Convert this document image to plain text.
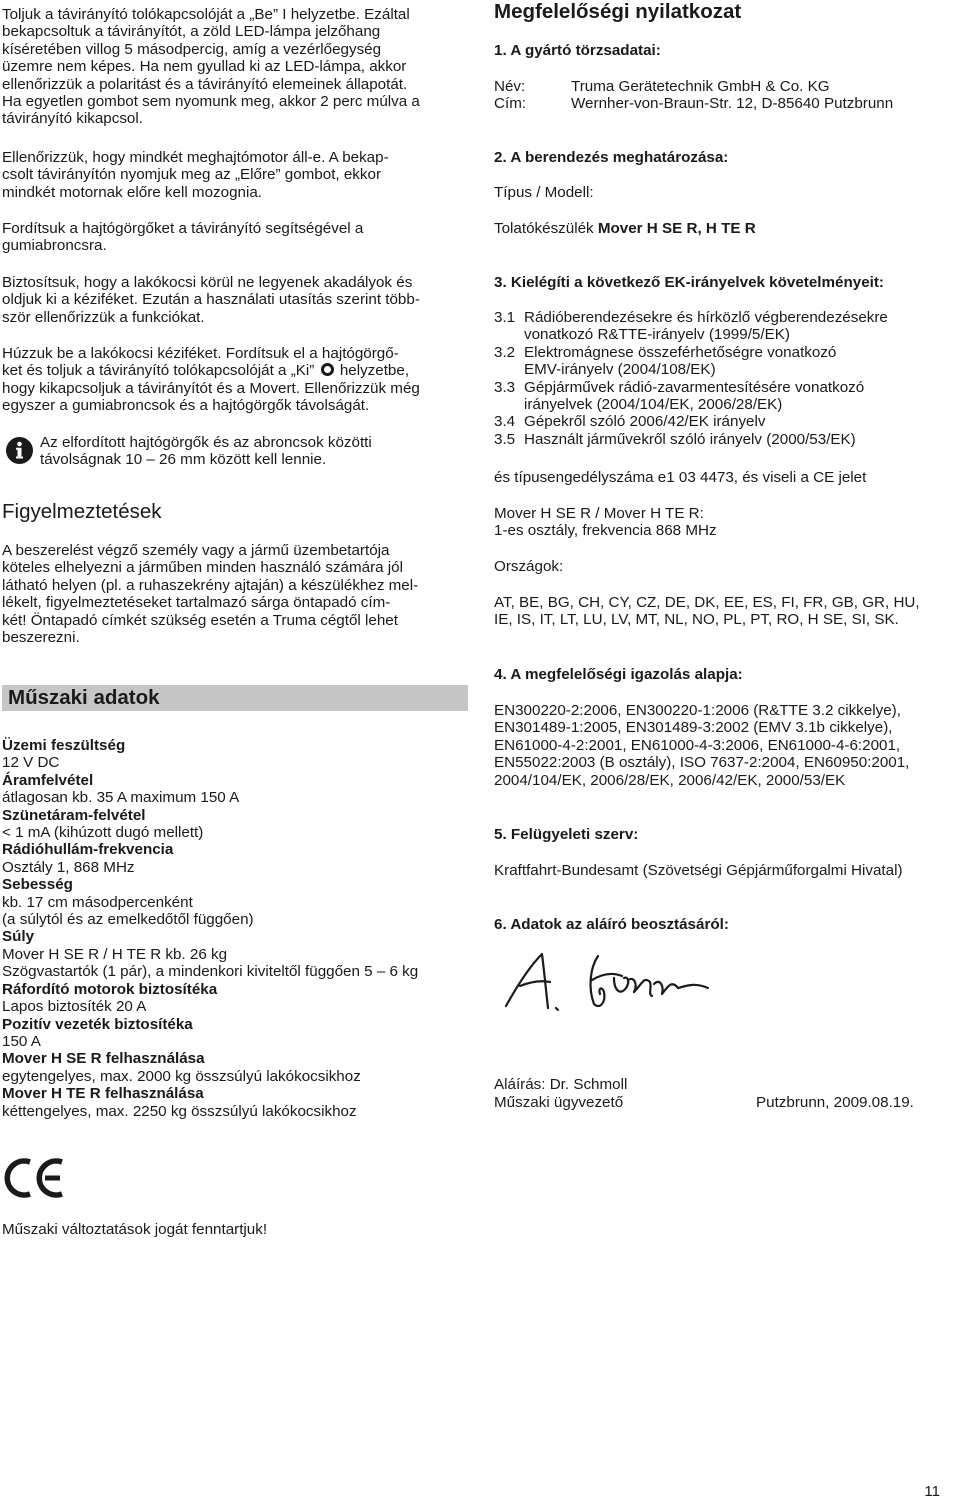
Toljuk a távirányító tolókapcsolóját a „Be” I helyzetbe. Ezáltal

bekapcsoltuk a távirányítót, a zöld LED-lámpa jelzőhang

kíséretében villog 5 másodpercig, amíg a vezérlőegység

üzemre nem képes. Ha nem gyullad ki az LED-lámpa, akkor

ellenőrizzük a polaritást és a távirányító elemeinek állapotát.

Ha egyetlen gombot sem nyomunk meg, akkor 2 perc múlva a

távirányító kikapcsol.

Ellenőrizzük, hogy mindkét meghajtómotor áll-e. A bekap-

csolt távirányítón nyomjuk meg az „Előre” gombot, ekkor

mindkét motornak előre kell mozognia.

Fordítsuk a hajtógörgőket a távirányító segítségével a

gumiabroncsra.

Biztosítsuk, hogy a lakókocsi körül ne legyenek akadályok és

oldjuk ki a kéziféket. Ezután a használati utasítás szerint több-

ször ellenőrizzük a funkciókat.

Húzzuk be a lakókocsi kéziféket. Fordítsuk el a hajtógörgő-

ket és toljuk a távirányító tolókapcsolóját a „Ki” helyzetbe,

hogy kikapcsoljuk a távirányítót és a Movert. Ellenőrizzük még

egyszer a gumiabroncsok és a hajtógörgők távolságát.

Az elfordított hajtógörgők és az abroncsok közötti

távolságnak 10 – 26 mm között kell lennie.

Figyelmeztetések

A beszerelést végző személy vagy a jármű üzembetartója

köteles elhelyezni a járműben minden használó számára jól

látható helyen (pl. a ruhaszekrény ajtaján) a készülékhez mel-

lékelt, figyelmeztetéseket tartalmazó sárga öntapadó cím-

két! Öntapadó címkét szükség esetén a Truma cégtől lehet

beszerezni.

Műszaki adatok

Üzemi feszültség

12 V DC

Áramfelvétel

átlagosan kb. 35 A maximum 150 A

Szünetáram-felvétel

< 1 mA (kihúzott dugó mellett)

Rádióhullám-frekvencia

Osztály 1, 868 MHz

Sebesség

kb. 17 cm másodpercenként

(a súlytól és az emelkedőtől függően)

Súly

Mover H SE R / H TE R kb. 26 kg

Szögvastartók (1 pár), a mindenkori kiviteltől függően 5 – 6 kg

Ráfordító motorok biztosítéka

Lapos biztosíték 20 A

Pozitív vezeték biztosítéka

150 A

Mover H SE R felhasználása

egytengelyes, max. 2000 kg összsúlyú lakókocsikhoz

Mover H TE R felhasználása

kéttengelyes, max. 2250 kg összsúlyú lakókocsikhoz

Műszaki változtatások jogát fenntartjuk!

Megfelelőségi nyilatkozat

1. A gyártó törzsadatai:

Név:	Truma Gerätetechnik GmbH & Co. KG

Cím:	Wernher-von-Braun-Str. 12, D-85640 Putzbrunn

2. A berendezés meghatározása:

Típus / Modell:

Tolatókészülék Mover H SE R, H TE R

3. Kielégíti a következő EK-irányelvek követelményeit:

3.1 Rádióberendezésekre és hírközlő végberendezésekre

vonatkozó R&TTE-irányelv (1999/5/EK)

3.2 Elektromágnese összeférhetőségre vonatkozó

EMV-irányelv (2004/108/EK)

3.3 Gépjárművek rádió-zavarmentesítésére vonatkozó

irányelvek (2004/104/EK, 2006/28/EK)

3.4 Gépekről szóló 2006/42/EK irányelv

3.5 Használt járművekről szóló irányelv (2000/53/EK)

és típusengedélyszáma e1 03 4473, és viseli a CE jelet

Mover H SE R / Mover H TE R:

1-es osztály, frekvencia 868 MHz

Országok:

AT, BE, BG, CH, CY, CZ, DE, DK, EE, ES, FI, FR, GB, GR, HU,

IE, IS, IT, LT, LU, LV, MT, NL, NO, PL, PT, RO, H SE, SI, SK.

4. A megfelelőségi igazolás alapja:

EN300220-2:2006, EN300220-1:2006 (R&TTE 3.2 cikkelye),

EN301489-1:2005, EN301489-3:2002 (EMV 3.1b cikkelye),

EN61000-4-2:2001, EN61000-4-3:2006, EN61000-4-6:2001,

EN55022:2003 (B osztály), ISO 7637-2:2004, EN60950:2001,

2004/104/EK, 2006/28/EK, 2006/42/EK, 2000/53/EK

5. Felügyeleti szerv:

Kraftfahrt-Bundesamt (Szövetségi Gépjárműforgalmi Hivatal)

6. Adatok az aláíró beosztásáról:

Aláírás: Dr. Schmoll

Műszaki ügyvezető	Putzbrunn, 2009.08.19.

11
